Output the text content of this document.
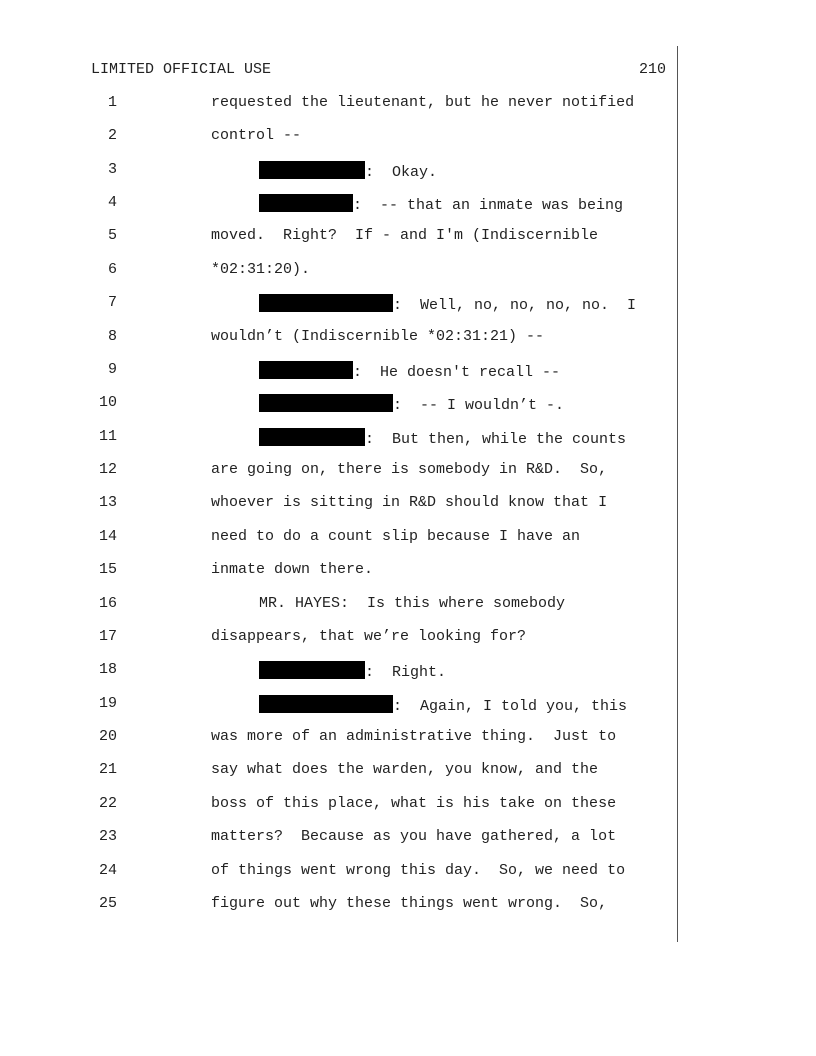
LIMITED OFFICIAL USE	210
1	requested the lieutenant, but he never notified
2	control --
3	:  Okay.
4	:  -- that an inmate was being
5	moved.  Right?  If - and I'm (Indiscernible
6	*02:31:20).
7	:  Well, no, no, no, no.  I
8	wouldn’t (Indiscernible *02:31:21) --
9	:  He doesn't recall --
10	:  -- I wouldn’t -.
11	:  But then, while the counts
12	are going on, there is somebody in R&D.  So,
13	whoever is sitting in R&D should know that I
14	need to do a count slip because I have an
15	inmate down there.
16	MR. HAYES:  Is this where somebody
17	disappears, that we’re looking for?
18	:  Right.
19	:  Again, I told you, this
20	was more of an administrative thing.  Just to
21	say what does the warden, you know, and the
22	boss of this place, what is his take on these
23	matters?  Because as you have gathered, a lot
24	of things went wrong this day.  So, we need to
25	figure out why these things went wrong.  So,
